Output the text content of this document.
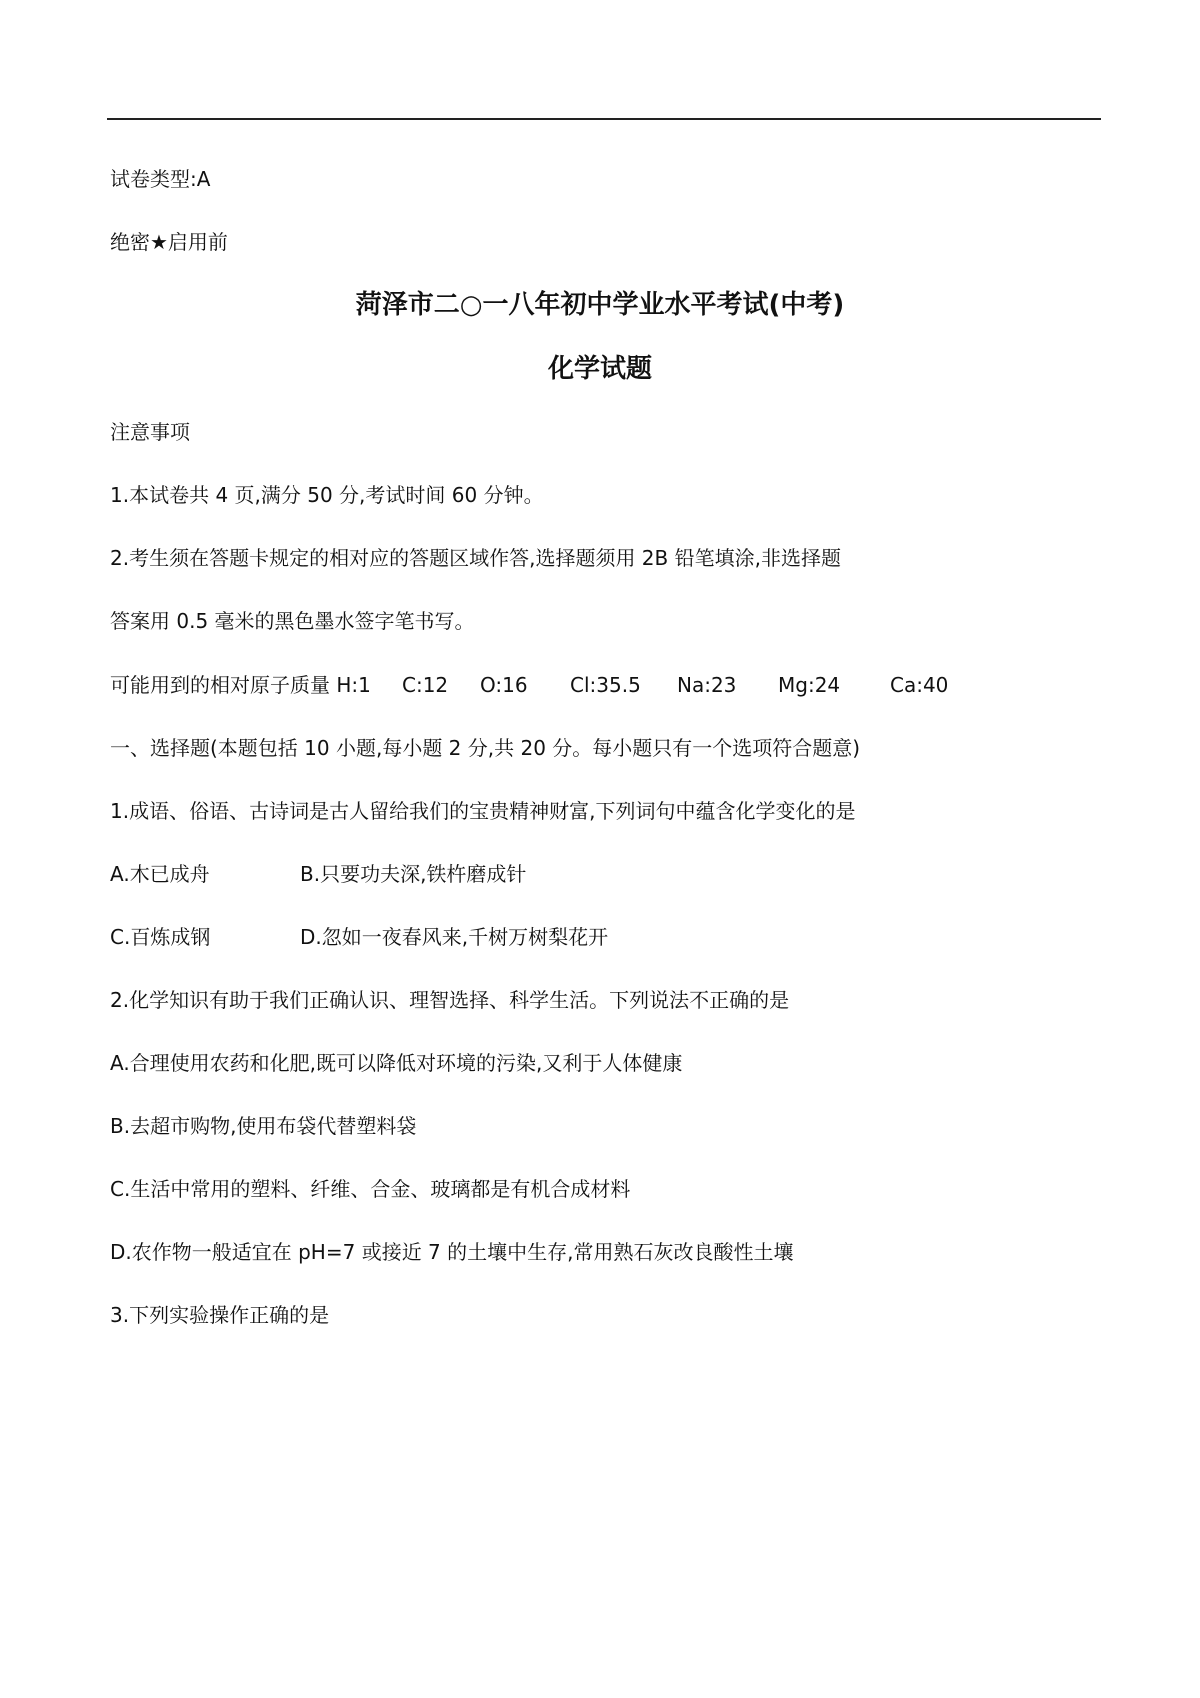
试卷类型:A
绝密★启用前
菏泽市二○一八年初中学业水平考试(中考)
化学试题
注意事项
1.本试卷共 4 页,满分 50 分,考试时间 60 分钟。
2.考生须在答题卡规定的相对应的答题区域作答,选择题须用 2B 铅笔填涂,非选择题
答案用 0.5 毫米的黑色墨水签字笔书写。

可能用到的相对原子质量 H:1

C:12

O:16

Cl:35.5

Na:23

Mg:24

Ca:40

一、选择题(本题包括 10 小题,每小题 2 分,共 20 分。每小题只有一个选项符合题意)
1.成语、俗语、古诗词是古人留给我们的宝贵精神财富,下列词句中蕴含化学变化的是

A.木已成舟

	B.只要功夫深,铁杵磨成针

C.百炼成钢

	D.忽如一夜春风来,千树万树梨花开

2.化学知识有助于我们正确认识、理智选择、科学生活。下列说法不正确的是
A.合理使用农药和化肥,既可以降低对环境的污染,又利于人体健康
B.去超市购物,使用布袋代替塑料袋
C.生活中常用的塑料、纤维、合金、玻璃都是有机合成材料
D.农作物一般适宜在 pH=7 或接近 7 的土壤中生存,常用熟石灰改良酸性土壤
3.下列实验操作正确的是
